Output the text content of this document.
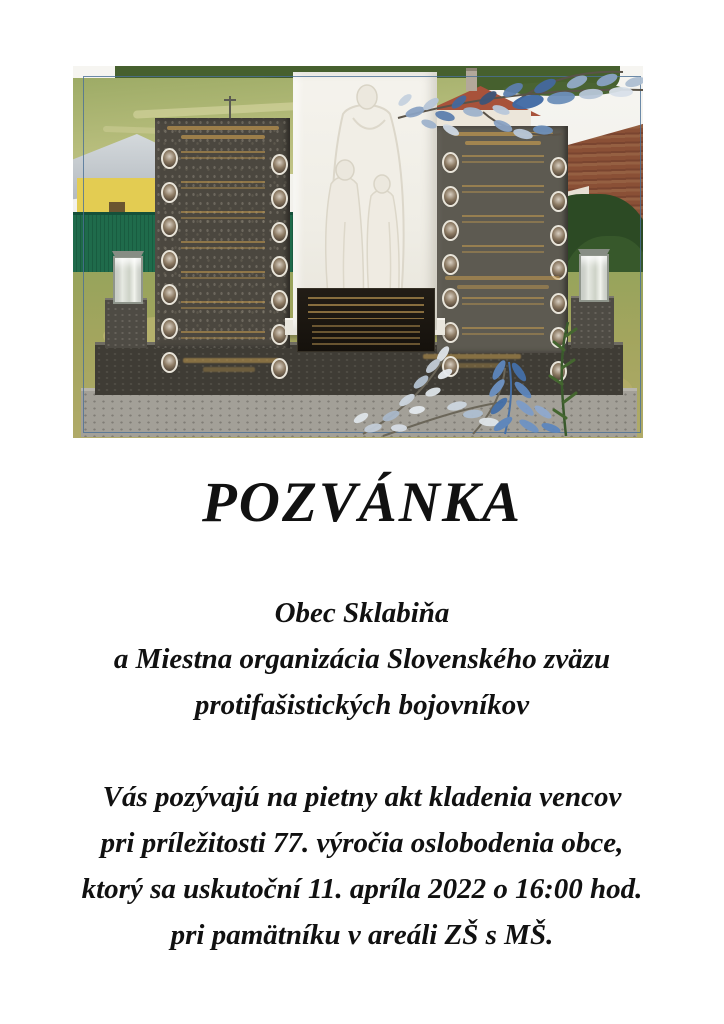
POZVÁNKA
Obec Sklabiňa
a Miestna organizácia Slovenského zväzu
protifašistických bojovníkov
Vás pozývajú na pietny akt kladenia vencov
pri príležitosti 77. výročia oslobodenia obce,
ktorý sa uskutoční 11. apríla 2022 o 16:00 hod.
pri pamätníku v areáli ZŠ s MŠ.
